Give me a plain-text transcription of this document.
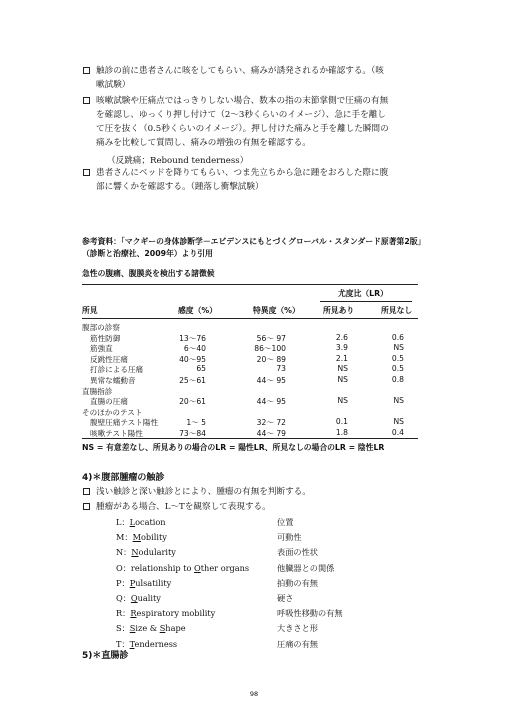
触診の前に患者さんに咳をしてもらい、痛みが誘発されるか確認する。（咳
嗽試験）
咳嗽試験や圧痛点ではっきりしない場合、数本の指の末節掌側で圧痛の有無
を確認し、ゆっくり押し付けて（2〜3秒くらいのイメージ）、急に手を離し
て圧を抜く（0.5秒くらいのイメージ）。押し付けた痛みと手を離した瞬間の
痛みを比較して質問し、痛みの増強の有無を確認する。
（反跳痛；Rebound tenderness）
患者さんにベッドを降りてもらい、つま先立ちから急に踵をおろした際に腹
部に響くかを確認する。（踵落し衝撃試験）
参考資料：「マクギーの身体診断学－エビデンスにもとづくグローバル・スタンダード原著第2版」（診断と治療社、2009年）より引用
急性の腹痛、腹膜炎を検出する諸徴候
尤度比（LR）
所見	感度（%）	特異度（%）	所見あり	所見なし
腹部の診察
筋性防御	13〜76	56〜 97	2.6	0.6
筋強直	6〜40	86〜100	3.9	NS
反跳性圧痛	40〜95	20〜 89	2.1	0.5
打診による圧痛	65	73	NS	0.5
異常な蠕動音	25〜61	44〜 95	NS	0.8
直腸指診
直腸の圧痛	20〜61	44〜 95	NS	NS
そのほかのテスト
腹壁圧痛テスト陽性	1〜 5	32〜 72	0.1	NS
咳嗽テスト陽性	73〜84	44〜 79	1.8	0.4
NS = 有意差なし、所見ありの場合のLR = 陽性LR、所見なしの場合のLR = 陰性LR
4)＊腹部腫瘤の触診
浅い触診と深い触診とにより、腫瘤の有無を判断する。
腫瘤がある場合、L〜Tを観察して表現する。
L：Location	位置
M：Mobility	可動性
N：Nodularity	表面の性状
O：relationship to Other organs	他臓器との関係
P：Pulsatility	拍動の有無
Q：Quality	硬さ
R：Respiratory mobility	呼吸性移動の有無
S：Size & Shape	大きさと形
T：Tenderness	圧痛の有無
5)＊直腸診
98
